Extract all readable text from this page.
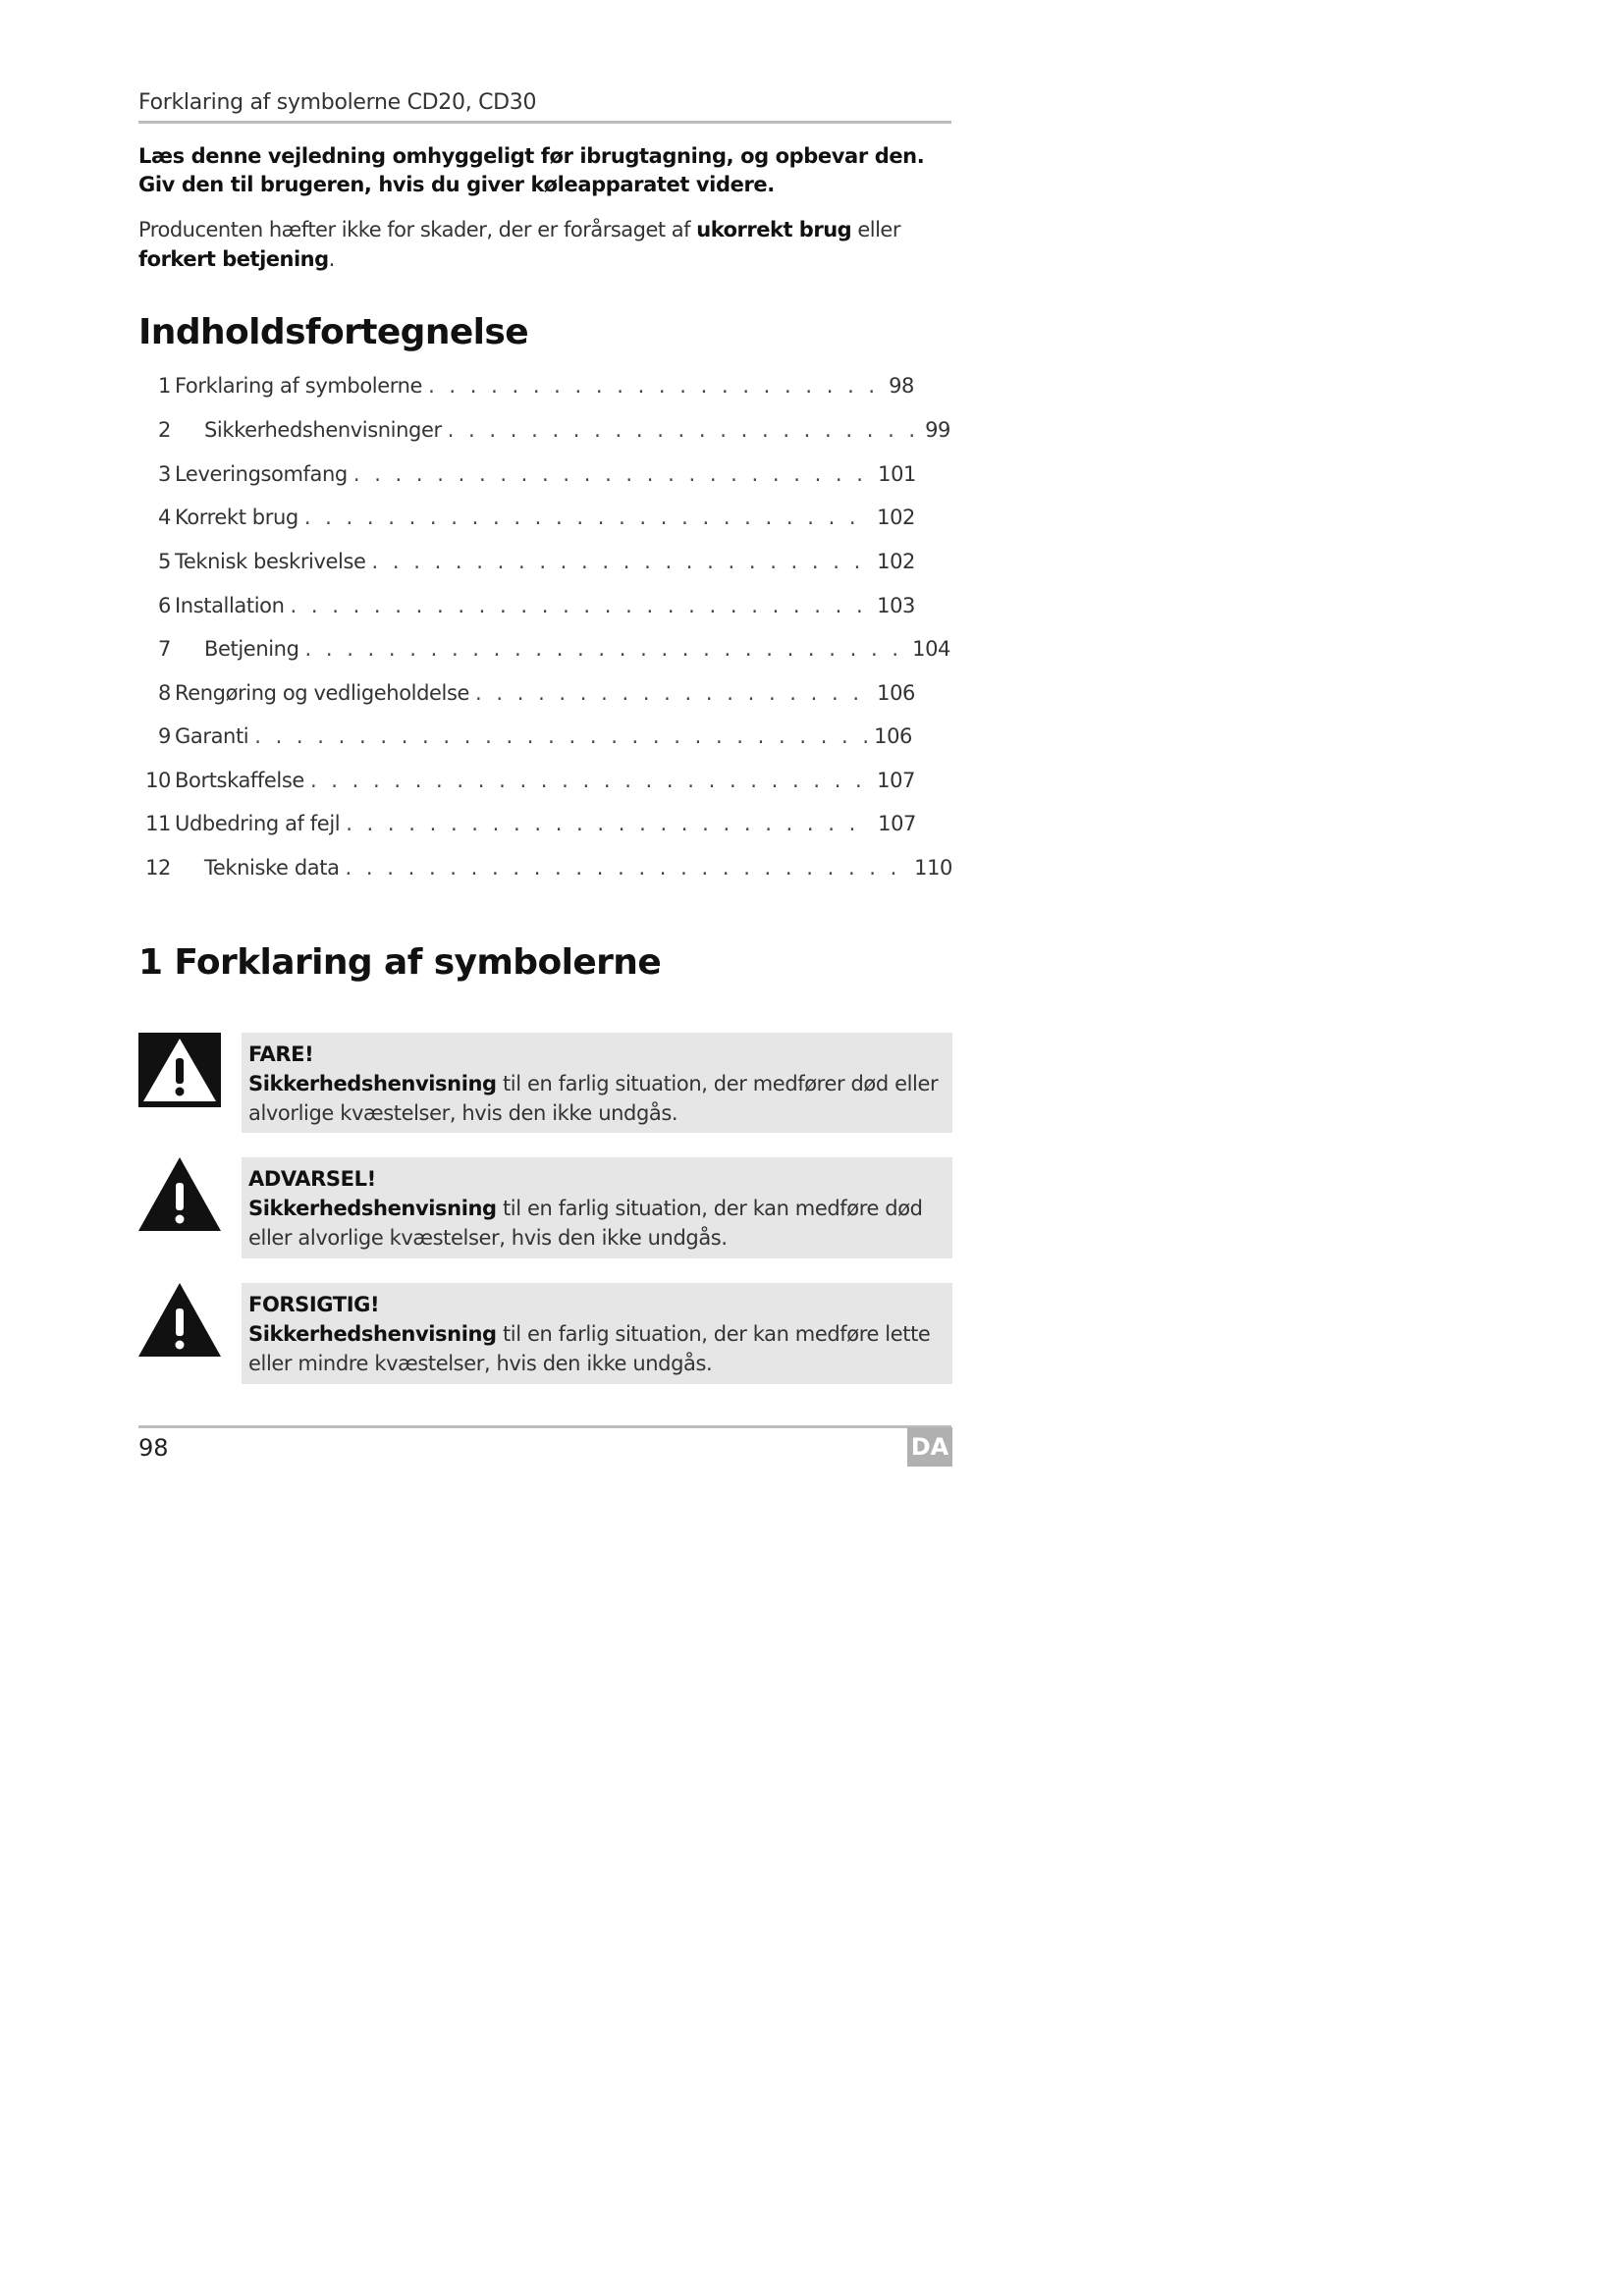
Forklaring af symbolerne CD20, CD30
Læs denne vejledning omhyggeligt før ibrugtagning, og opbevar den. Giv den til brugeren, hvis du giver køleapparatet videre.
Producenten hæfter ikke for skader, der er forårsaget af ukorrekt brug eller forkert betjening.
Indholdsfortegnelse
1 Forklaring af symbolerne . . .	98
2 Sikkerhedshenvisninger . . .	99
3 Leveringsomfang . . .	101
4 Korrekt brug . . .	102
5 Teknisk beskrivelse . . .	102
6 Installation . . .	103
7 Betjening . . .	104
8 Rengøring og vedligeholdelse . . .	106
9 Garanti . . .	106
10 Bortskaffelse . . .	107
11 Udbedring af fejl . . .	107
12 Tekniske data . . .	110
1 Forklaring af symbolerne
FARE!
Sikkerhedshenvisning til en farlig situation, der medfører død eller alvorlige kvæstelser, hvis den ikke undgås.
ADVARSEL!
Sikkerhedshenvisning til en farlig situation, der kan medføre død eller alvorlige kvæstelser, hvis den ikke undgås.
FORSIGTIG!
Sikkerhedshenvisning til en farlig situation, der kan medføre lette eller mindre kvæstelser, hvis den ikke undgås.
98	DA
